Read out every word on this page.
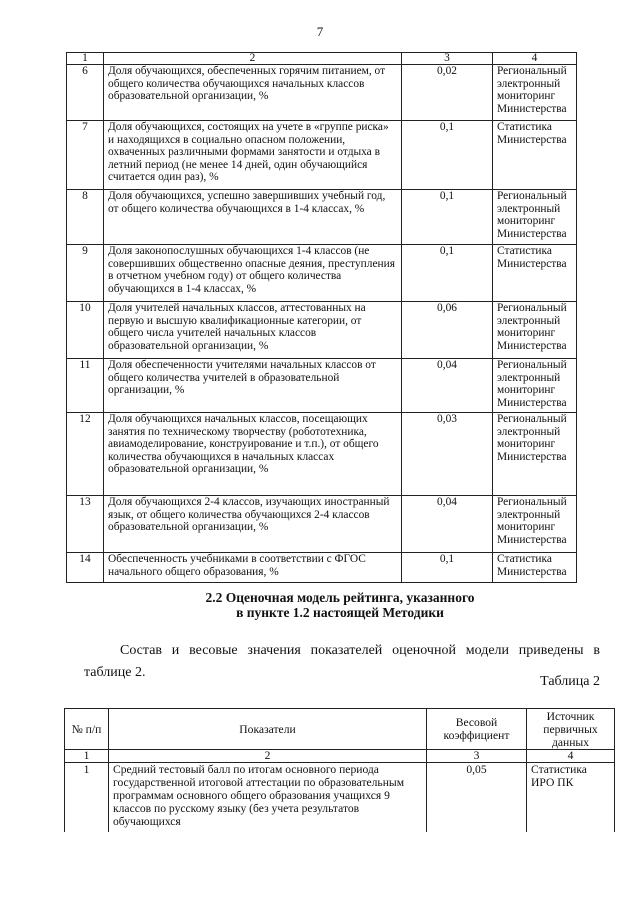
7
1	2	3	4
6	Доля обучающихся, обеспеченных горячим питанием, от общего количества обучающихся начальных классов образовательной организации, %	0,02	Региональный электронный мониторинг Министерства
7	Доля обучающихся, состоящих на учете в «группе риска» и находящихся в социально опасном положении, охваченных различными формами занятости и отдыха в летний период (не менее 14 дней, один обучающийся считается один раз), %	0,1	Статистика Министерства
8	Доля обучающихся, успешно завершивших учебный год, от общего количества обучающихся в 1-4 классах, %	0,1	Региональный электронный мониторинг Министерства
9	Доля законопослушных обучающихся 1-4 классов (не совершивших общественно опасные деяния, преступления в отчетном учебном году) от общего количества обучающихся в 1-4 классах, %	0,1	Статистика Министерства
10	Доля учителей начальных классов, аттестованных на первую и высшую квалификационные категории, от общего числа учителей начальных классов образовательной организации, %	0,06	Региональный электронный мониторинг Министерства
11	Доля обеспеченности учителями начальных классов от общего количества учителей в образовательной организации, %	0,04	Региональный электронный мониторинг Министерства
12	Доля обучающихся начальных классов, посещающих занятия по техническому творчеству (робототехника, авиамоделирование, конструирование и т.п.), от общего количества обучающихся в начальных классах образовательной организации, %	0,03	Региональный электронный мониторинг Министерства
13	Доля обучающихся 2-4 классов, изучающих иностранный язык, от общего количества обучающихся 2-4 классов образовательной организации, %	0,04	Региональный электронный мониторинг Министерства
14	Обеспеченность учебниками в соответствии с ФГОС начального общего образования, %	0,1	Статистика Министерства
2.2 Оценочная модель рейтинга, указанного
в пункте 1.2 настоящей Методики
Состав и весовые значения показателей оценочной модели приведены в таблице 2.
Таблица 2
№ п/п	Показатели	Весовой коэффициент	Источник первичных данных
1	2	3	4
1	Средний тестовый балл по итогам основного периода государственной итоговой аттестации по образовательным программам основного общего образования учащихся 9 классов по русскому языку (без учета результатов обучающихся	0,05	Статистика ИРО ПК
